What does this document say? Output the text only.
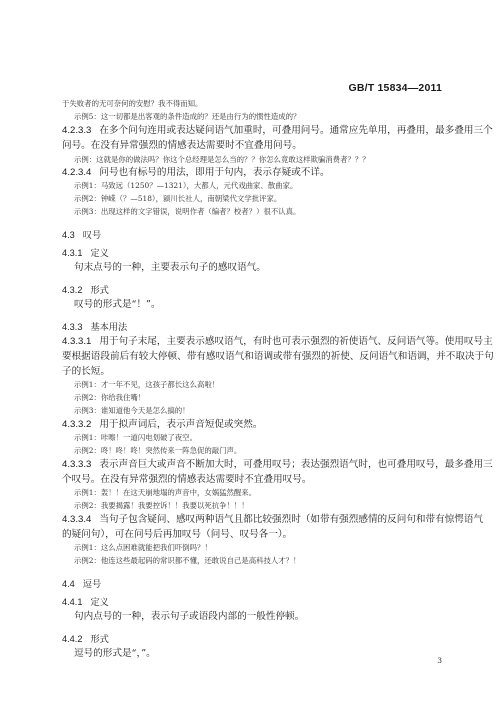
GB/T 15834—2011
于失败者的无可奈何的安慰？我不得而知。
示例5：这一切都是出客观的条件造成的？还是由行为的惯性造成的？
4.2.3.3 在多个问句连用或表达疑问语气加重时，可叠用问号。通常应先单用，再叠用，最多叠用三个
问号。在没有异常强烈的情感表达需要时不宜叠用问号。
示例：这就是你的做法吗？你这个总经理是怎么当的？？你怎么竟敢这样欺骗消费者？？？
4.2.3.4 问号也有标号的用法，即用于句内，表示存疑或不详。
示例1：马致远（1250？—1321），大都人，元代戏曲家、散曲家。
示例2：钟嵘（？—518），颍川长社人，南朝梁代文学批评家。
示例3：出现这样的文字错误，说明作者（编者？校者？）很不认真。
4.3 叹号
4.3.1 定义
句末点号的一种，主要表示句子的感叹语气。
4.3.2 形式
叹号的形式是“！”。
4.3.3 基本用法
4.3.3.1 用于句子末尾，主要表示感叹语气，有时也可表示强烈的祈使语气、反问语气等。使用叹号主
要根据语段前后有较大停顿、带有感叹语气和语调或带有强烈的祈使、反问语气和语调，并不取决于句
子的长短。
示例1：才一年不见，这孩子都长这么高啦！
示例2：你给我住嘴！
示例3：谁知道他今天是怎么搞的！
4.3.3.2 用于拟声词后，表示声音短促或突然。
示例1：咔嚓！一道闪电划破了夜空。
示例2：咚！咚！咚！突然传来一阵急促的敲门声。
4.3.3.3 表示声音巨大或声音不断加大时，可叠用叹号；表达强烈语气时，也可叠用叹号，最多叠用三
个叹号。在没有异常强烈的情感表达需要时不宜叠用叹号。
示例1：轰！！在这天崩地塌的声音中，女娲猛然醒来。
示例2：我要揭露！我要控诉！！我要以死抗争！！！
4.3.3.4 当句子包含疑问、感叹两种语气且都比较强烈时（如带有强烈感情的反问句和带有惊愕语气
的疑问句），可在问号后再加叹号（问号、叹号各一）。
示例1：这么点困难就能把我们吓倒吗？！
示例2：他连这些最起码的常识都不懂，还敢说自己是高科技人才？！
4.4 逗号
4.4.1 定义
句内点号的一种，表示句子或语段内部的一般性停顿。
4.4.2 形式
逗号的形式是“，”。
3
